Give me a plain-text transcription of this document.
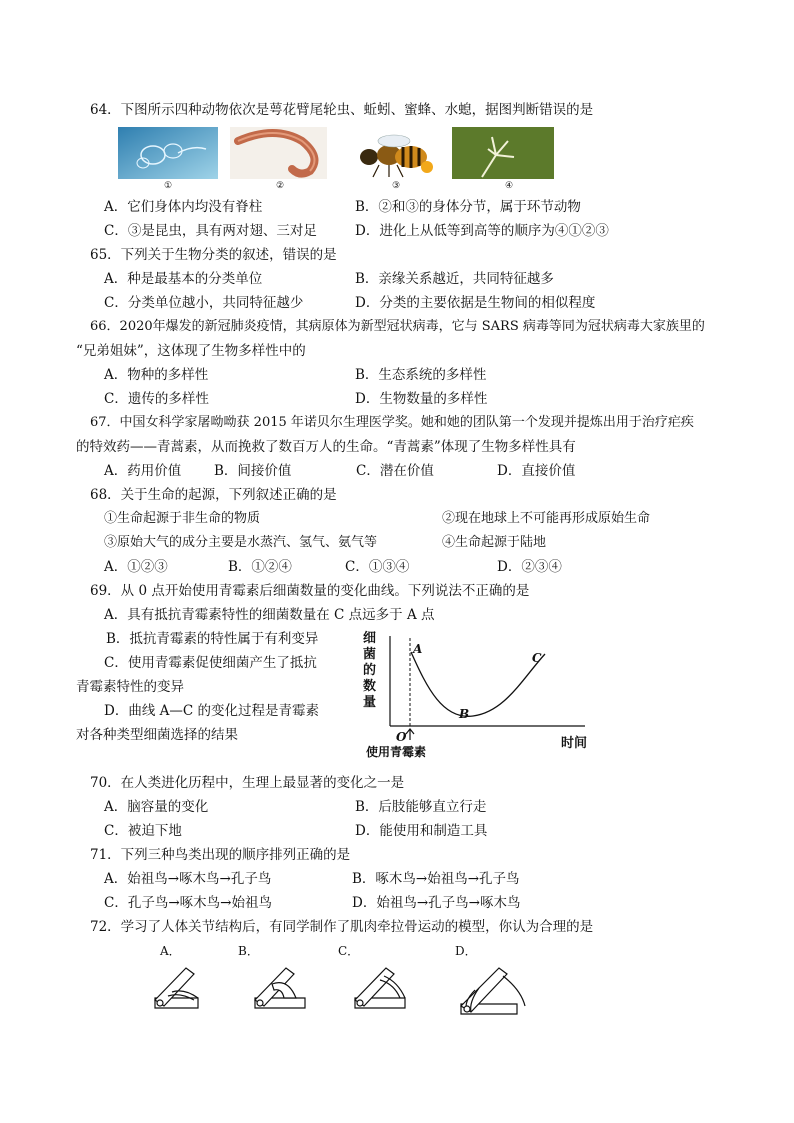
64．下图所示四种动物依次是萼花臂尾轮虫、蚯蚓、蜜蜂、水螅，据图判断错误的是
①	②	③	④
A．它们身体内均没有脊柱	B．②和③的身体分节，属于环节动物
C．③是昆虫，具有两对翅、三对足	D．进化上从低等到高等的顺序为④①②③
65．下列关于生物分类的叙述，错误的是
A．种是最基本的分类单位	B．亲缘关系越近，共同特征越多
C．分类单位越小，共同特征越少	D．分类的主要依据是生物间的相似程度
66．2020年爆发的新冠肺炎疫情，其病原体为新型冠状病毒，它与 SARS 病毒等同为冠状病毒大家族里的
“兄弟姐妹”，这体现了生物多样性中的
A．物种的多样性	B．生态系统的多样性
C．遗传的多样性	D．生物数量的多样性
67．中国女科学家屠呦呦获 2015 年诺贝尔生理医学奖。她和她的团队第一个发现并提炼出用于治疗疟疾
的特效药——青蒿素，从而挽救了数百万人的生命。“青蒿素”体现了生物多样性具有
A．药用价值 B．间接价值	C．潜在价值	D．直接价值
68．关于生命的起源，下列叙述正确的是
①生命起源于非生命的物质	②现在地球上不可能再形成原始生命
③原始大气的成分主要是水蒸汽、氢气、氨气等	④生命起源于陆地
A．①②③	B．①②④	C．①③④	D．②③④
69．从 0 点开始使用青霉素后细菌数量的变化曲线。下列说法不正确的是
A．具有抵抗青霉素特性的细菌数量在 C 点远多于 A 点
B．抵抗青霉素的特性属于有利变异
C．使用青霉素促使细菌产生了抵抗
青霉素特性的变异
D．曲线 A—C 的变化过程是青霉素
对各种类型细菌选择的结果
细
菌
的
数
量
时间
使用青霉素
O
A
B
C
70．在人类进化历程中，生理上最显著的变化之一是
A．脑容量的变化	B．后肢能够直立行走
C．被迫下地	D．能使用和制造工具
71．下列三种鸟类出现的顺序排列正确的是
A．始祖鸟→啄木鸟→孔子鸟	B．啄木鸟→始祖鸟→孔子鸟
C．孔子鸟→啄木鸟→始祖鸟	D．始祖鸟→孔子鸟→啄木鸟
72．学习了人体关节结构后，有同学制作了肌肉牵拉骨运动的模型，你认为合理的是
A．	B．	C．	D．
